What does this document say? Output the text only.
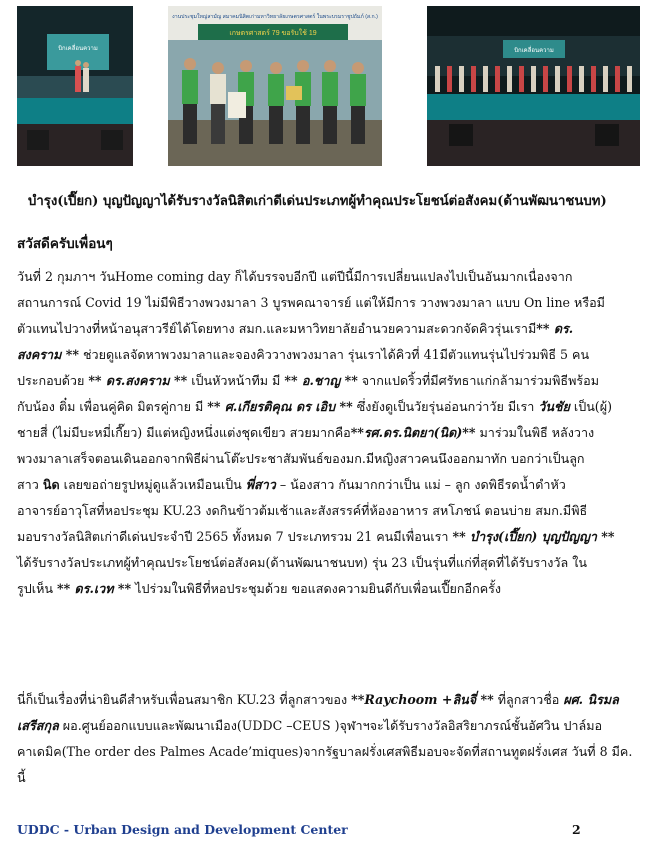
บิกเคลื่อนความ
งานประชุมใหญ่สามัญ สมาคมนิสิตเก่ามหาวิทยาลัยเกษตรศาสตร์ ในพระบรมราชูปถัมภ์ (ส.ก.)
เกษตรศาสตร์ 79 ขอรับใช้ 19
บิกเคลื่อนความ
บำรุง(เปี๊ยก) บุญปัญญาได้รับรางวัลนิสิตเก่าดีเด่นประเภทผู้ทำคุณประโยชน์ต่อสังคม(ด้านพัฒนาชนบท)
สวัสดีครับเพื่อนๆ
วันที่ 2 กุมภาฯ วันHome coming day ก็ได้บรรจบอีกปี แต่ปีนี้มีการเปลี่ยนแปลงไปเป็นอันมากเนื่องจาก
สถานการณ์ Covid 19 ไม่มีพิธีวางพวงมาลา 3 บูรพคณาจารย์ แต่ให้มีการ วางพวงมาลา แบบ On line หรือมี
ตัวแทนไปวางที่หน้าอนุสาวรีย์ได้โดยทาง สมก.และมหาวิทยาลัยอำนวยความสะดวกจัดคิวรุ่นเรามี** ดร.
สงคราม ** ช่วยดูแลจัดหาพวงมาลาและจองคิววางพวงมาลา รุ่นเราได้คิวที่ 41มีตัวแทนรุ่นไปร่วมพิธี 5 คน
ประกอบด้วย ** ดร.สงคราม ** เป็นหัวหน้าทีม มี ** อ.ชาญ ** จากแปดริ้วที่มีศรัทธาแก่กล้ามาร่วมพิธีพร้อม
กับน้อง ติ๋ม เพื่อนคู่คิด มิตรคู่กาย มี ** ศ.เกียรติคุณ ดร เอิบ ** ซึ่งยังดูเป็นวัยรุ่นอ่อนกว่าวัย มีเรา วันชัย เป็น(ผู้)
ชายสี่ (ไม่มีบะหมี่เกี๊ยว) มีแต่หญิงหนึ่งแต่งชุดเขียว สวยมากคือ**รศ.ดร.นิตยา(นิด)** มาร่วมในพิธี หลังวาง
พวงมาลาเสร็จตอนเดินออกจากพิธีผ่านโต๊ะประชาสัมพันธ์ของมก.มีหญิงสาวคนนึงออกมาทัก บอกว่าเป็นลูก
สาว นิด เลยขอถ่ายรูปหมู่ดูแล้วเหมือนเป็น พี่สาว – น้องสาว กันมากกว่าเป็น แม่ – ลูก งดพิธีรดน้ำดำหัว
อาจารย์อาวุโสที่หอประชุม KU.23 งดกินข้าวต้มเช้าและสังสรรค์ที่ห้องอาหาร สหโภชน์ ตอนบ่าย สมก.มีพิธี
มอบรางวัลนิสิตเก่าดีเด่นประจำปี 2565 ทั้งหมด 7 ประเภทรวม 21 คนมีเพื่อนเรา ** บำรุง(เปี๊ยก) บุญปัญญา **
ได้รับรางวัลประเภทผู้ทำคุณประโยชน์ต่อสังคม(ด้านพัฒนาชนบท) รุ่น 23 เป็นรุ่นที่แก่ที่สุดที่ได้รับรางวัล ใน
รูปเห็น ** ดร.เวท ** ไปร่วมในพิธีที่หอประชุมด้วย ขอแสดงความยินดีกับเพื่อนเปี๊ยกอีกครั้ง
นี่ก็เป็นเรื่องที่น่ายินดีสำหรับเพื่อนสมาชิก KU.23 ที่ลูกสาวของ **Raychoom +ลินจี่ ** ที่ลูกสาวชื่อ ผศ. นิรมล
เสรีสกุล ผอ.ศูนย์ออกแบบและพัฒนาเมือง(UDDC –CEUS )จุฬาฯจะได้รับรางวัลอิสริยาภรณ์ชั้นอัศวิน ปาล์มอ
คาเดมิค(The order des Palmes Acade’miques)จากรัฐบาลฝรั่งเศสพิธีมอบจะจัดที่สถานทูตฝรั่งเศส วันที่ 8 มีค.
นี้
UDDC - Urban Design and Development Center	2
